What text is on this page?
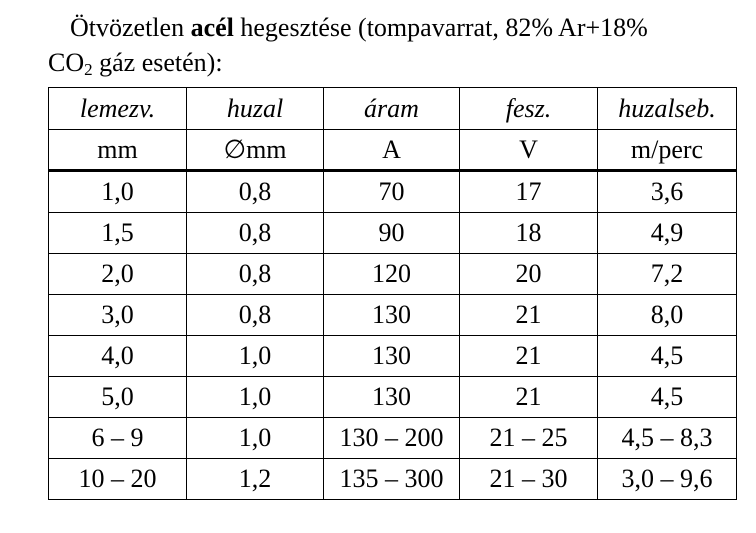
Ötvözetlen acél hegesztése (tompavarrat, 82% Ar+18%
$CO_2$ gáz esetén):
lemezv.	huzal	áram	fesz.	huzalseb.
mm	∅mm	A	V	m/perc
1,0	0,8	70	17	3,6
1,5	0,8	90	18	4,9
2,0	0,8	120	20	7,2
3,0	0,8	130	21	8,0
4,0	1,0	130	21	4,5
5,0	1,0	130	21	4,5
6 – 9	1,0	130 – 200	21 – 25	4,5 – 8,3
10 – 20	1,2	135 – 300	21 – 30	3,0 – 9,6
